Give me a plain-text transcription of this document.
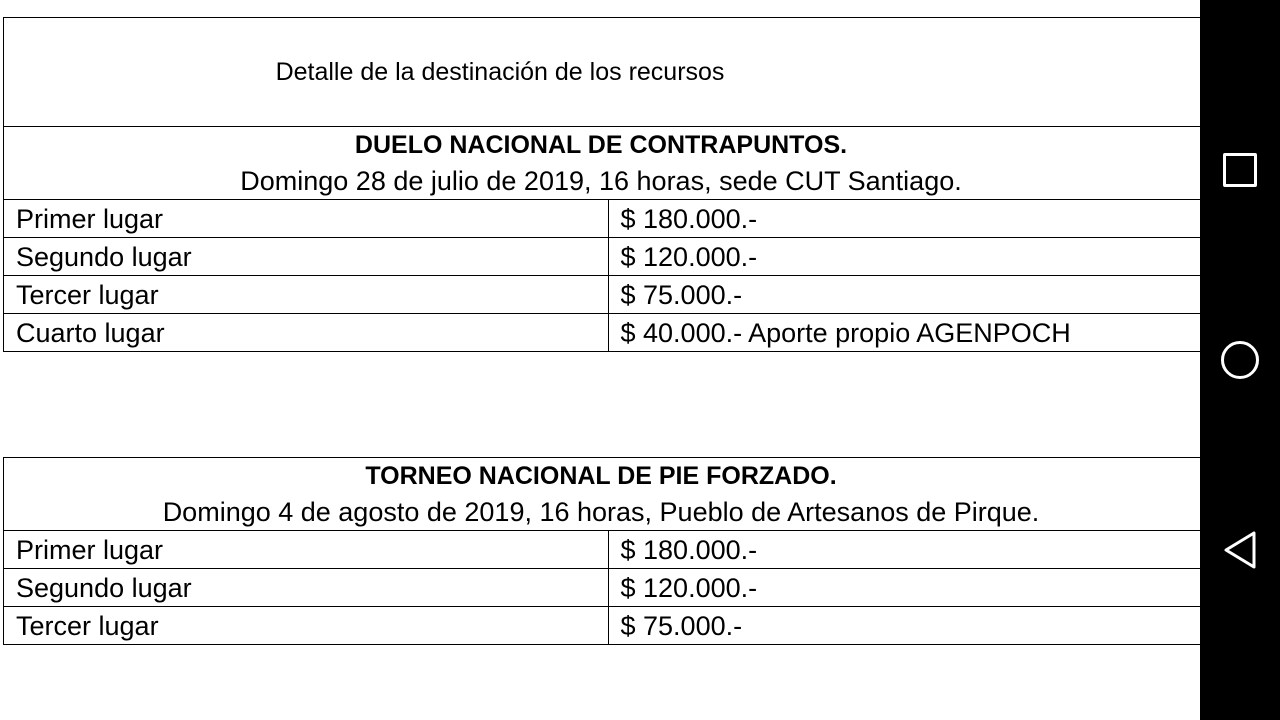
Detalle de la destinación de los recursos
DUELO NACIONAL DE CONTRAPUNTOS.
Domingo 28 de julio de 2019, 16 horas, sede CUT Santiago.	

Primer lugar	$ 180.000.-
Segundo lugar	$ 120.000.-
Tercer lugar	$ 75.000.-
Cuarto lugar	$ 40.000.- Aporte propio AGENPOCH
TORNEO NACIONAL DE PIE FORZADO.
Domingo 4 de agosto de 2019, 16 horas, Pueblo de Artesanos de Pirque.	

Primer lugar	$ 180.000.-
Segundo lugar	$ 120.000.-
Tercer lugar	$ 75.000.-
